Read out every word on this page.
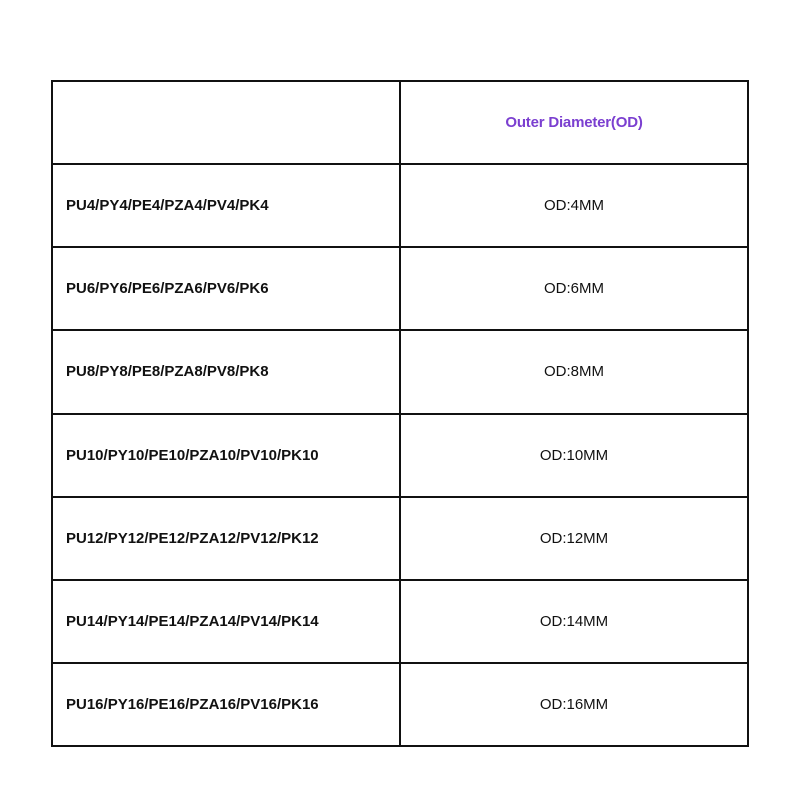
	Outer Diameter(OD)
PU4/PY4/PE4/PZA4/PV4/PK4	OD:4MM
PU6/PY6/PE6/PZA6/PV6/PK6	OD:6MM
PU8/PY8/PE8/PZA8/PV8/PK8	OD:8MM
PU10/PY10/PE10/PZA10/PV10/PK10	OD:10MM
PU12/PY12/PE12/PZA12/PV12/PK12	OD:12MM
PU14/PY14/PE14/PZA14/PV14/PK14	OD:14MM
PU16/PY16/PE16/PZA16/PV16/PK16	OD:16MM
